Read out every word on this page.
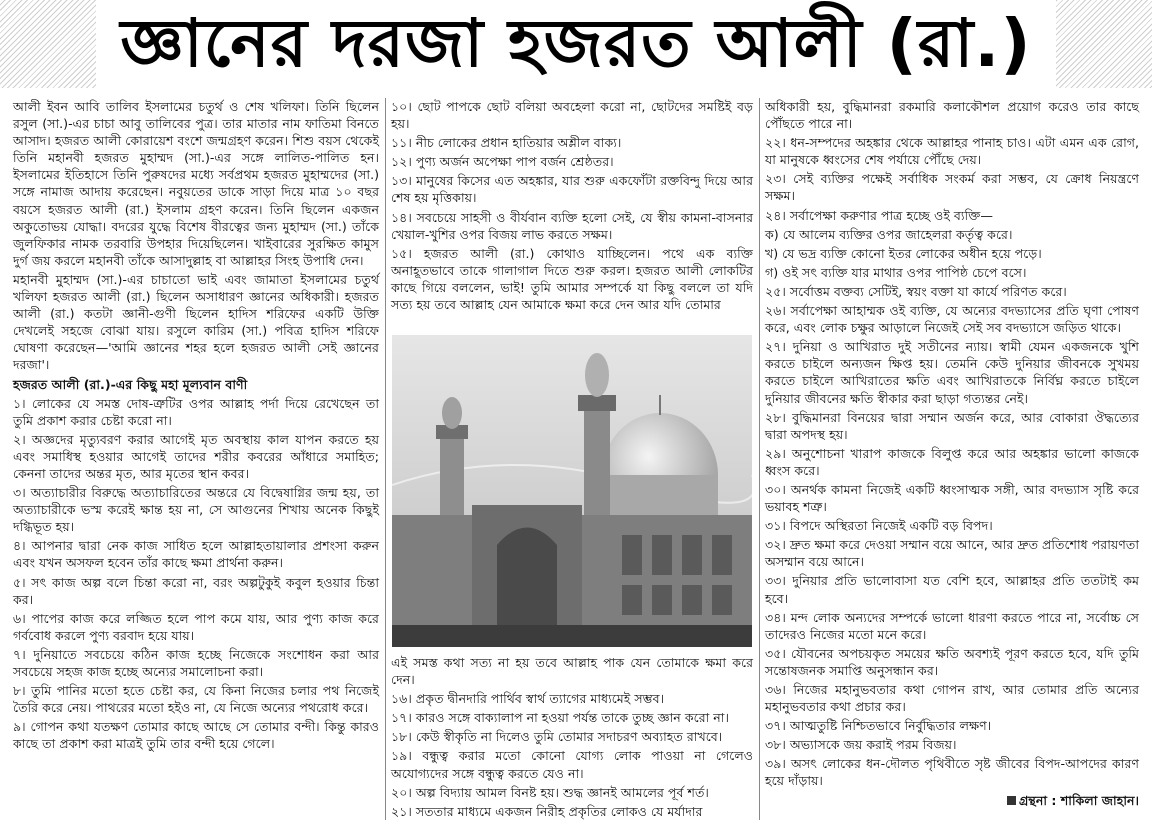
জ্ঞানের দরজা হজরত আলী (রা.)

আলী ইবন আবি তালিব ইসলামের চতুর্থ ও শেষ খলিফা। তিনি ছিলেন রসুল (সা.)-এর চাচা আবু তালিবের পুত্র। তার মাতার নাম ফাতিমা বিনতে আসাদ। হজরত আলী কোরায়েশ বংশে জন্মগ্রহণ করেন। শিশু বয়স থেকেই তিনি মহানবী হজরত মুহাম্মদ (সা.)-এর সঙ্গে লালিত-পালিত হন। ইসলামের ইতিহাসে তিনি পুরুষদের মধ্যে সর্বপ্রথম হজরত মুহাম্মদের (সা.) সঙ্গে নামাজ আদায় করেছেন। নবুয়তের ডাকে সাড়া দিয়ে মাত্র ১০ বছর বয়সে হজরত আলী (রা.) ইসলাম গ্রহণ করেন। তিনি ছিলেন একজন অকুতোভয় যোদ্ধা। বদরের যুদ্ধে বিশেষ বীরত্বের জন্য মুহাম্মদ (সা.) তাঁকে জুলফিকার নামক তরবারি উপহার দিয়েছিলেন। খাইবারের সুরক্ষিত কামুস দুর্গ জয় করলে মহানবী তাঁকে আসাদুল্লাহ বা আল্লাহর সিংহ উপাধি দেন।

মহানবী মুহাম্মদ (সা.)-এর চাচাতো ভাই এবং জামাতা ইসলামের চতুর্থ খলিফা হজরত আলী (রা.) ছিলেন অসাধারণ জ্ঞানের অধিকারী। হজরত আলী (রা.) কতটা জ্ঞানী-গুণী ছিলেন হাদিস শরিফের একটি উক্তি দেখলেই সহজে বোঝা যায়। রসুলে কারিম (সা.) পবিত্র হাদিস শরিফে ঘোষণা করেছেন—'আমি জ্ঞানের শহর হলে হজরত আলী সেই জ্ঞানের দরজা'।

হজরত আলী (রা.)-এর কিছু মহা মূল্যবান বাণী

১। লোকের যে সমস্ত দোষ-ত্রুটির ওপর আল্লাহ পর্দা দিয়ে রেখেছেন তা তুমি প্রকাশ করার চেষ্টা করো না।

২। অজ্ঞদের মৃত্যুবরণ করার আগেই মৃত অবস্থায় কাল যাপন করতে হয় এবং সমাধিস্থ হওয়ার আগেই তাদের শরীর কবরের আঁধারে সমাহিত; কেননা তাদের অন্তর মৃত, আর মৃতের স্থান কবর।

৩। অত্যাচারীর বিরুদ্ধে অত্যাচারিতের অন্তরে যে বিদ্বেষাগ্নির জন্ম হয়, তা অত্যাচারীকে ভস্ম করেই ক্ষান্ত হয় না, সে আগুনের শিখায় অনেক কিছুই দগ্ধিভূত হয়।

৪। আপনার দ্বারা নেক কাজ সাধিত হলে আল্লাহতায়ালার প্রশংসা করুন এবং যখন অসফল হবেন তাঁর কাছে ক্ষমা প্রার্থনা করুন।

৫। সৎ কাজ অল্প বলে চিন্তা করো না, বরং অল্পটুকুই কবুল হওয়ার চিন্তা কর।

৬। পাপের কাজ করে লজ্জিত হলে পাপ কমে যায়, আর পুণ্য কাজ করে গর্ববোধ করলে পুণ্য বরবাদ হয়ে যায়।

৭। দুনিয়াতে সবচেয়ে কঠিন কাজ হচ্ছে নিজেকে সংশোধন করা আর সবচেয়ে সহজ কাজ হচ্ছে অন্যের সমালোচনা করা।

৮। তুমি পানির মতো হতে চেষ্টা কর, যে কিনা নিজের চলার পথ নিজেই তৈরি করে নেয়। পাথরের মতো হইও না, যে নিজে অন্যের পথরোধ করে।

৯। গোপন কথা যতক্ষণ তোমার কাছে আছে সে তোমার বন্দী। কিন্তু কারও কাছে তা প্রকাশ করা মাত্রই তুমি তার বন্দী হয়ে গেলে।

১০। ছোট পাপকে ছোট বলিয়া অবহেলা করো না, ছোটদের সমষ্টিই বড় হয়।

১১। নীচ লোকের প্রধান হাতিয়ার অশ্লীল বাক্য।

১২। পুণ্য অর্জন অপেক্ষা পাপ বর্জন শ্রেষ্ঠতর।

১৩। মানুষের কিসের এত অহঙ্কার, যার শুরু একফোঁটা রক্তবিন্দু দিয়ে আর শেষ হয় মৃত্তিকায়।

১৪। সবচেয়ে সাহসী ও বীর্যবান ব্যক্তি হলো সেই, যে স্বীয় কামনা-বাসনার খেয়াল-খুশির ওপর বিজয় লাভ করতে সক্ষম।

১৫। হজরত আলী (রা.) কোথাও যাচ্ছিলেন। পথে এক ব্যক্তি অনাহূতভাবে তাকে গালাগাল দিতে শুরু করল। হজরত আলী লোকটির কাছে গিয়ে বললেন, ভাই! তুমি আমার সম্পর্কে যা কিছু বললে তা যদি সত্য হয় তবে আল্লাহ যেন আমাকে ক্ষমা করে দেন আর যদি তোমার

এই সমস্ত কথা সত্য না হয় তবে আল্লাহ পাক যেন তোমাকে ক্ষমা করে দেন।

১৬। প্রকৃত দ্বীনদারি পার্থিব স্বার্থ ত্যাগের মাধ্যমেই সম্ভব।

১৭। কারও সঙ্গে বাক্যালাপ না হওয়া পর্যন্ত তাকে তুচ্ছ জ্ঞান করো না।

১৮। কেউ স্বীকৃতি না দিলেও তুমি তোমার সদাচরণ অব্যাহত রাখবে।

১৯। বন্ধুত্ব করার মতো কোনো যোগ্য লোক পাওয়া না গেলেও অযোগ্যদের সঙ্গে বন্ধুত্ব করতে যেও না।

২০। অল্প বিদ্যায় আমল বিনষ্ট হয়। শুদ্ধ জ্ঞানই আমলের পূর্ব শর্ত।

২১। সততার মাধ্যমে একজন নিরীহ প্রকৃতির লোকও যে মর্যাদার

অধিকারী হয়, বুদ্ধিমানরা রকমারি কলাকৌশল প্রয়োগ করেও তার কাছে পৌঁছতে পারে না।

২২। ধন-সম্পদের অহঙ্কার থেকে আল্লাহর পানাহ চাও। এটা এমন এক রোগ, যা মানুষকে ধ্বংসের শেষ পর্যায়ে পৌঁছে দেয়।

২৩। সেই ব্যক্তির পক্ষেই সর্বাধিক সংকর্ম করা সম্ভব, যে ক্রোধ নিয়ন্ত্রণে সক্ষম।

২৪। সর্বাপেক্ষা করুণার পাত্র হচ্ছে ওই ব্যক্তি—

ক) যে আলেম ব্যক্তির ওপর জাহেলরা কর্তৃত্ব করে।

খ) যে ভদ্র ব্যক্তি কোনো ইতর লোকের অধীন হয়ে পড়ে।

গ) ওই সৎ ব্যক্তি যার মাথার ওপর পাপিষ্ঠ চেপে বসে।

২৫। সর্বোত্তম বক্তব্য সেটিই, স্বয়ং বক্তা যা কার্যে পরিণত করে।

২৬। সর্বাপেক্ষা আহাম্মক ওই ব্যক্তি, যে অন্যের বদভ্যাসের প্রতি ঘৃণা পোষণ করে, এবং লোক চক্ষুর আড়ালে নিজেই সেই সব বদভ্যাসে জড়িত থাকে।

২৭। দুনিয়া ও আখিরাত দুই সতীনের ন্যায়। স্বামী যেমন একজনকে খুশি করতে চাইলে অন্যজন ক্ষিপ্ত হয়। তেমনি কেউ দুনিয়ার জীবনকে সুখময় করতে চাইলে আখিরাতের ক্ষতি এবং আখিরাতকে নির্বিঘ্ন করতে চাইলে দুনিয়ার জীবনের ক্ষতি স্বীকার করা ছাড়া গত্যন্তর নেই।

২৮। বুদ্ধিমানরা বিনয়ের দ্বারা সম্মান অর্জন করে, আর বোকারা ঔদ্ধত্যের দ্বারা অপদস্থ হয়।

২৯। অনুশোচনা খারাপ কাজকে বিলুপ্ত করে আর অহঙ্কার ভালো কাজকে ধ্বংস করে।

৩০। অনর্থক কামনা নিজেই একটি ধ্বংসাত্মক সঙ্গী, আর বদভ্যাস সৃষ্টি করে ভয়াবহ শত্রু।

৩১। বিপদে অস্থিরতা নিজেই একটি বড় বিপদ।

৩২। দ্রুত ক্ষমা করে দেওয়া সম্মান বয়ে আনে, আর দ্রুত প্রতিশোধ পরায়ণতা অসম্মান বয়ে আনে।

৩৩। দুনিয়ার প্রতি ভালোবাসা যত বেশি হবে, আল্লাহর প্রতি ততটাই কম হবে।

৩৪। মন্দ লোক অন্যদের সম্পর্কে ভালো ধারণা করতে পারে না, সর্বোচ্চ সে তাদেরও নিজের মতো মনে করে।

৩৫। যৌবনের অপচয়কৃত সময়ের ক্ষতি অবশ্যই পূরণ করতে হবে, যদি তুমি সন্তোষজনক সমাপ্তি অনুসন্ধান কর।

৩৬। নিজের মহানুভবতার কথা গোপন রাখ, আর তোমার প্রতি অন্যের মহানুভবতার কথা প্রচার কর।

৩৭। আত্মতুষ্টি নিশ্চিতভাবে নির্বুদ্ধিতার লক্ষণ।

৩৮। অভ্যাসকে জয় করাই পরম বিজয়।

৩৯। অসৎ লোকের ধন-দৌলত পৃথিবীতে সৃষ্ট জীবের বিপদ-আপদের কারণ হয়ে দাঁড়ায়।

গ্রন্থনা : শাকিলা জাহান।
